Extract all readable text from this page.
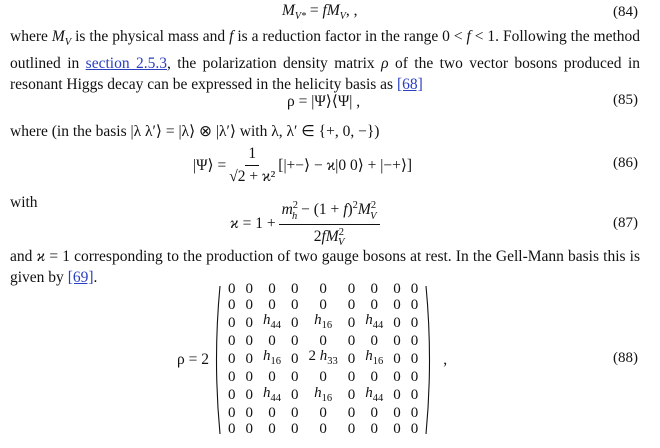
$M_{V*} = fM_V$, ,	(84)
where $M_V$ is the physical mass and f is a reduction factor in the range 0 < f < 1. Following the method outlined in section 2.5.3, the polarization density matrix ρ of the two vector bosons produced in resonant Higgs decay can be expressed in the helicity basis as [68]
ρ = |Ψ⟩⟨Ψ| ,	(85)
where (in the basis |λ λ′⟩ = |λ⟩ ⊗ |λ′⟩ with λ, λ′ ∈ {+, 0, −})
|Ψ⟩ = $\frac{1}{\text{√2 + ϰ²}}$ [|+−⟩ − ϰ|0 0⟩ + |−+⟩]	(86)
with
$ϰ = 1 + \frac{m^2_h - (1 + f)^2M^2_V}{2fM^2_V}$	(87)
and ϰ = 1 corresponding to the production of two gauge bosons at rest. In the Gell-Mann basis this is given by [69].
ρ = 2
0	0	0	0	0	0	0	0	0
0	0	0	0	0	0	0	0	0
0	0	$h_{44}$	0	$h_{16}$	0	$h_{44}$	0	0
0	0	0	0	0	0	0	0	0
0	0	$h_{16}$	0	2 $h_{33}$	0	$h_{16}$	0	0
0	0	0	0	0	0	0	0	0
0	0	$h_{44}$	0	$h_{16}$	0	$h_{44}$	0	0
0	0	0	0	0	0	0	0	0
0	0	0	0	0	0	0	0	0
,	(88)
